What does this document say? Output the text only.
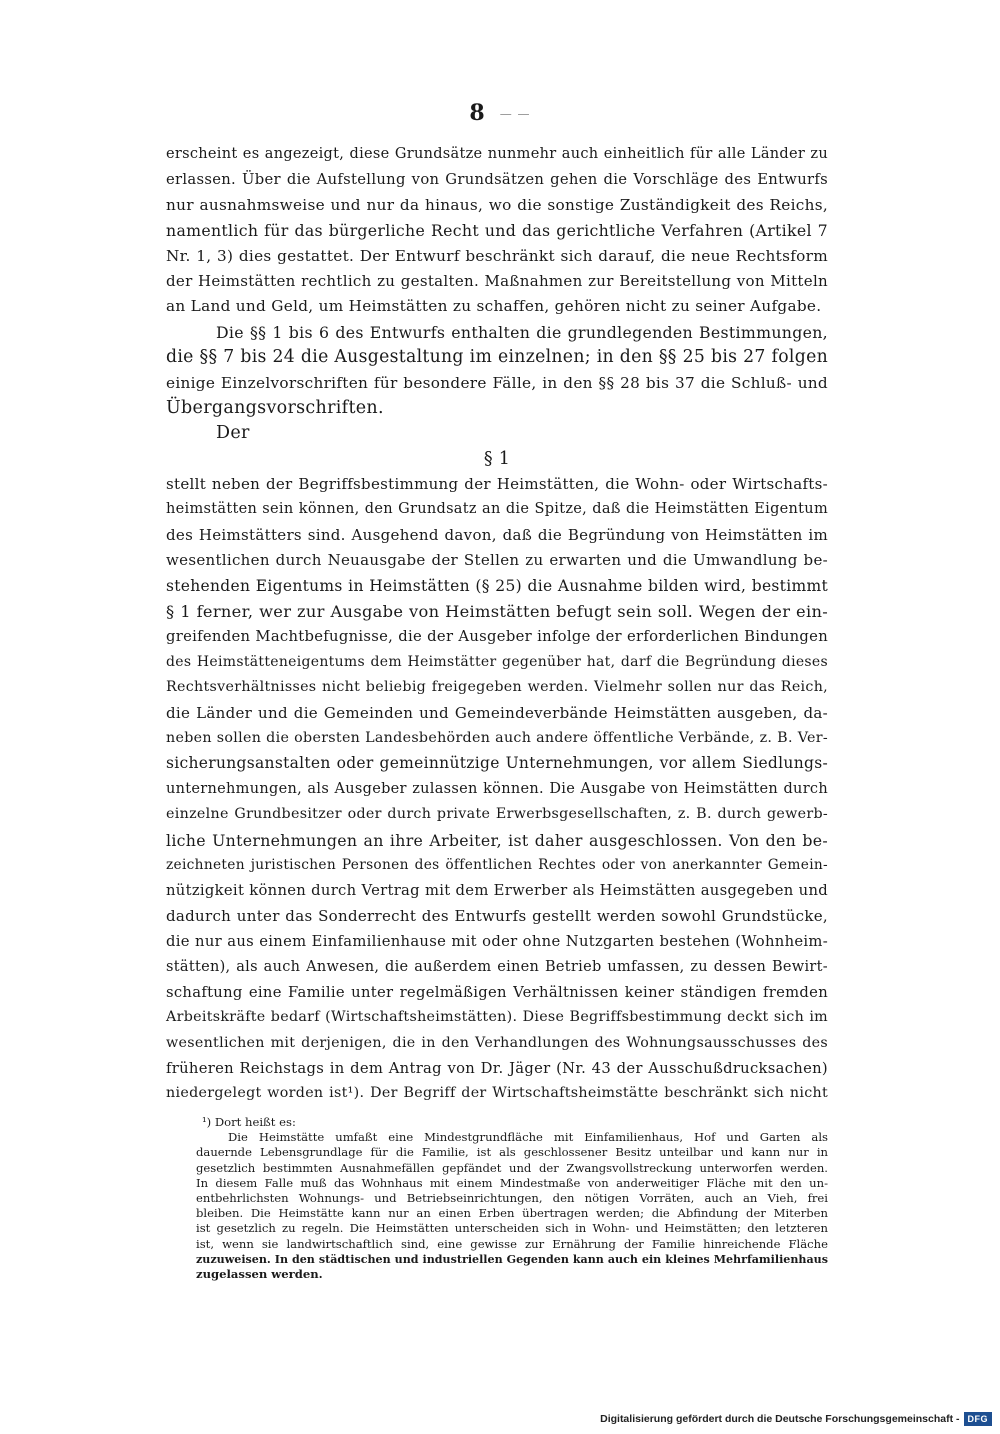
8 — —
erscheint es angezeigt, diese Grundsätze nunmehr auch einheitlich für alle Länder zu
erlassen. Über die Aufstellung von Grundsätzen gehen die Vorschläge des Entwurfs
nur ausnahmsweise und nur da hinaus, wo die sonstige Zuständigkeit des Reichs,
namentlich für das bürgerliche Recht und das gerichtliche Verfahren (Artikel 7
Nr. 1, 3) dies gestattet. Der Entwurf beschränkt sich darauf, die neue Rechtsform
der Heimstätten rechtlich zu gestalten. Maßnahmen zur Bereitstellung von Mitteln
an Land und Geld, um Heimstätten zu schaffen, gehören nicht zu seiner Aufgabe.
Die §§ 1 bis 6 des Entwurfs enthalten die grundlegenden Bestimmungen,
die §§ 7 bis 24 die Ausgestaltung im einzelnen; in den §§ 25 bis 27 folgen
einige Einzelvorschriften für besondere Fälle, in den §§ 28 bis 37 die Schluß- und
Übergangsvorschriften.
Der
§ 1
stellt neben der Begriffsbestimmung der Heimstätten, die Wohn- oder Wirtschafts-
heimstätten sein können, den Grundsatz an die Spitze, daß die Heimstätten Eigentum
des Heimstätters sind. Ausgehend davon, daß die Begründung von Heimstätten im
wesentlichen durch Neuausgabe der Stellen zu erwarten und die Umwandlung be-
stehenden Eigentums in Heimstätten (§ 25) die Ausnahme bilden wird, bestimmt
§ 1 ferner, wer zur Ausgabe von Heimstätten befugt sein soll. Wegen der ein-
greifenden Machtbefugnisse, die der Ausgeber infolge der erforderlichen Bindungen
des Heimstätteneigentums dem Heimstätter gegenüber hat, darf die Begründung dieses
Rechtsverhältnisses nicht beliebig freigegeben werden. Vielmehr sollen nur das Reich,
die Länder und die Gemeinden und Gemeindeverbände Heimstätten ausgeben, da-
neben sollen die obersten Landesbehörden auch andere öffentliche Verbände, z. B. Ver-
sicherungsanstalten oder gemeinnützige Unternehmungen, vor allem Siedlungs-
unternehmungen, als Ausgeber zulassen können. Die Ausgabe von Heimstätten durch
einzelne Grundbesitzer oder durch private Erwerbsgesellschaften, z. B. durch gewerb-
liche Unternehmungen an ihre Arbeiter, ist daher ausgeschlossen. Von den be-
zeichneten juristischen Personen des öffentlichen Rechtes oder von anerkannter Gemein-
nützigkeit können durch Vertrag mit dem Erwerber als Heimstätten ausgegeben und
dadurch unter das Sonderrecht des Entwurfs gestellt werden sowohl Grundstücke,
die nur aus einem Einfamilienhause mit oder ohne Nutzgarten bestehen (Wohnheim-
stätten), als auch Anwesen, die außerdem einen Betrieb umfassen, zu dessen Bewirt-
schaftung eine Familie unter regelmäßigen Verhältnissen keiner ständigen fremden
Arbeitskräfte bedarf (Wirtschaftsheimstätten). Diese Begriffsbestimmung deckt sich im
wesentlichen mit derjenigen, die in den Verhandlungen des Wohnungsausschusses des
früheren Reichstags in dem Antrag von Dr. Jäger (Nr. 43 der Ausschußdrucksachen)
niedergelegt worden ist¹). Der Begriff der Wirtschaftsheimstätte beschränkt sich nicht
¹) Dort heißt es:
Die Heimstätte umfaßt eine Mindestgrundfläche mit Einfamilienhaus, Hof und Garten als
dauernde Lebensgrundlage für die Familie, ist als geschlossener Besitz unteilbar und kann nur in
gesetzlich bestimmten Ausnahmefällen gepfändet und der Zwangsvollstreckung unterworfen werden.
In diesem Falle muß das Wohnhaus mit einem Mindestmaße von anderweitiger Fläche mit den un-
entbehrlichsten Wohnungs- und Betriebseinrichtungen, den nötigen Vorräten, auch an Vieh, frei
bleiben. Die Heimstätte kann nur an einen Erben übertragen werden; die Abfindung der Miterben
ist gesetzlich zu regeln. Die Heimstätten unterscheiden sich in Wohn- und Heimstätten; den letzteren
ist, wenn sie landwirtschaftlich sind, eine gewisse zur Ernährung der Familie hinreichende Fläche
zuzuweisen. In den städtischen und industriellen Gegenden kann auch ein kleines Mehrfamilienhaus
zugelassen werden.
Digitalisierung gefördert durch die Deutsche Forschungsgemeinschaft - DFG
